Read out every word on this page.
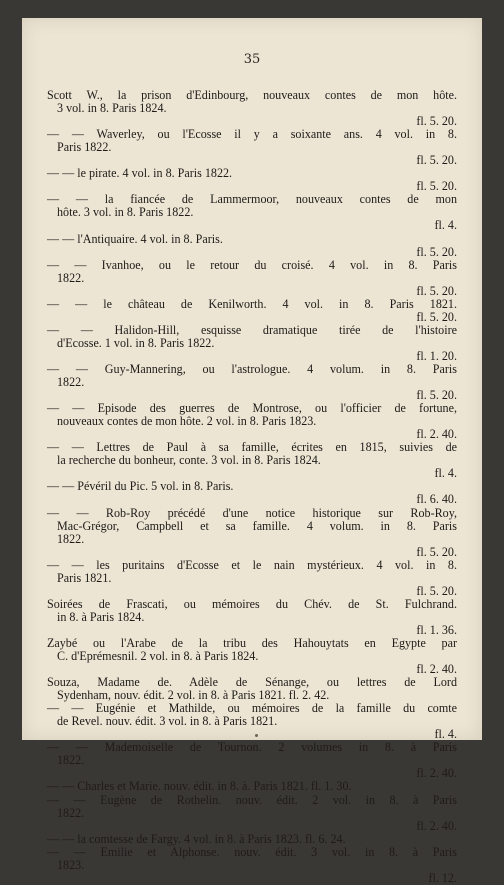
35
Scott W., la prison d'Edinbourg, nouveaux contes de mon hôte.
3 vol. in 8. Paris 1824.
fl. 5. 20.
— — Waverley, ou l'Ecosse il y a soixante ans. 4 vol. in 8.
Paris 1822.
fl. 5. 20.
— — le pirate. 4 vol. in 8. Paris 1822.
fl. 5. 20.
— — la fiancée de Lammermoor, nouveaux contes de mon
hôte. 3 vol. in 8. Paris 1822.
fl. 4.
— — l'Antiquaire. 4 vol. in 8. Paris.
fl. 5. 20.
— — Ivanhoe, ou le retour du croisé. 4 vol. in 8. Paris
1822.
fl. 5. 20.
— — le château de Kenilworth. 4 vol. in 8. Paris 1821.
fl. 5. 20.
— — Halidon-Hill, esquisse dramatique tirée de l'histoire
d'Ecosse. 1 vol. in 8. Paris 1822.
fl. 1. 20.
— — Guy-Mannering, ou l'astrologue. 4 volum. in 8. Paris
1822.
fl. 5. 20.
— — Episode des guerres de Montrose, ou l'officier de fortune,
nouveaux contes de mon hôte. 2 vol. in 8. Paris 1823.
fl. 2. 40.
— — Lettres de Paul à sa famille, écrites en 1815, suivies de
la recherche du bonheur, conte. 3 vol. in 8. Paris 1824.
fl. 4.
— — Pévéril du Pic. 5 vol. in 8. Paris.
fl. 6. 40.
— — Rob-Roy précédé d'une notice historique sur Rob-Roy,
Mac-Grégor, Campbell et sa famille. 4 volum. in 8. Paris
1822.
fl. 5. 20.
— — les puritains d'Ecosse et le nain mystérieux. 4 vol. in 8.
Paris 1821.
fl. 5. 20.
Soirées de Frascati, ou mémoires du Chév. de St. Fulchrand.
in 8. à Paris 1824.
fl. 1. 36.
Zaybé ou l'Arabe de la tribu des Hahouytats en Egypte par
C. d'Eprémesnil. 2 vol. in 8. à Paris 1824.
fl. 2. 40.
Souza, Madame de. Adèle de Sénange, ou lettres de Lord
Sydenham, nouv. édit. 2 vol. in 8. à Paris 1821. fl. 2. 42.
— — Eugénie et Mathilde, ou mémoires de la famille du comte
de Revel. nouv. édit. 3 vol. in 8. à Paris 1821.
fl. 4.
— — Mademoiselle de Tournon. 2 volumes in 8. à Paris
1822.
fl. 2. 40.
— — Charles et Marie. nouv. édit. in 8. à. Paris 1821. fl. 1. 30.
— — Eugène de Rothelin. nouv. édit. 2 vol. in 8. à Paris
1822.
fl. 2. 40.
— — la comtesse de Fargy. 4 vol. in 8. à Paris 1823. fl. 6. 24.
— — Emilie et Alphonse. nouv. édit. 3 vol. in 8. à Paris
1823.
fl. 12.
